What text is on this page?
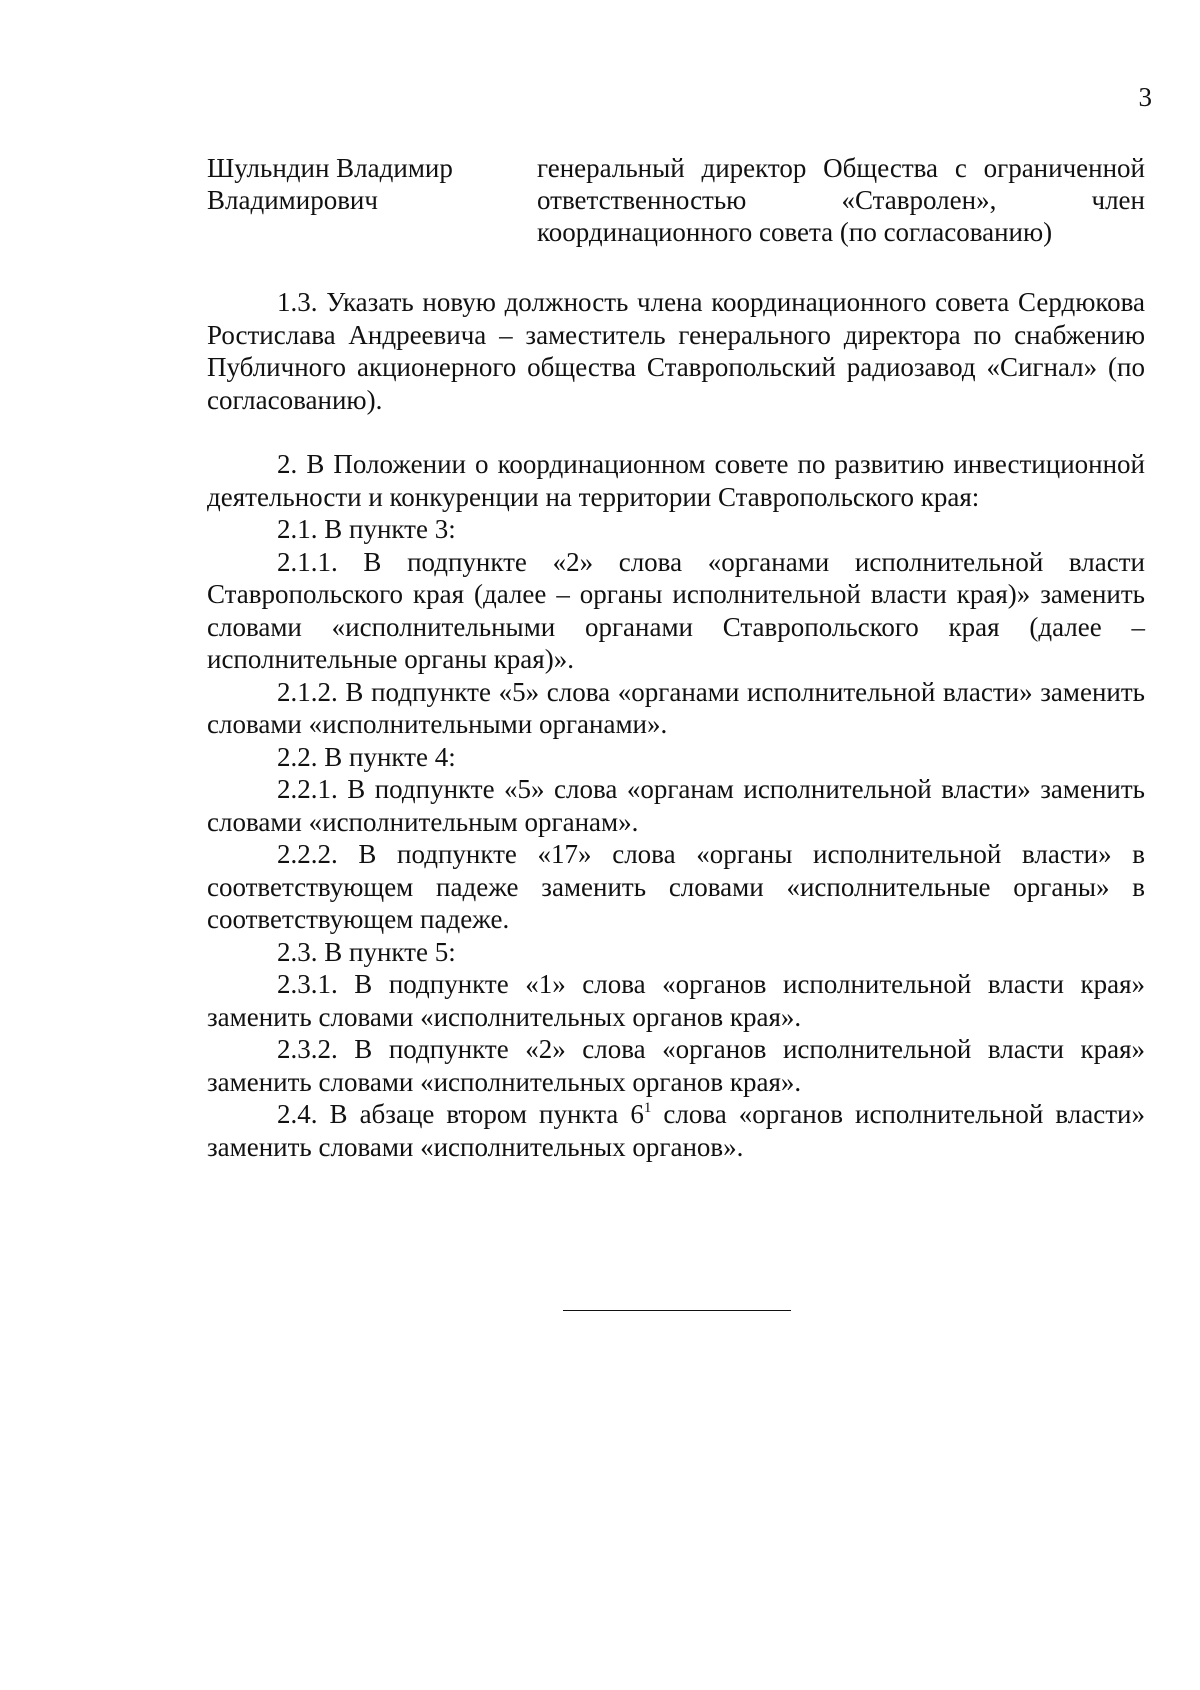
3
Шульндин Владимир
Владимирович
генеральный директор Общества с ограниченной ответственностью «Ставролен», член координационного совета (по согласованию)

1.3. Указать новую должность члена координационного совета Сердюкова Ростислава Андреевича – заместитель генерального директора по снабжению Публичного акционерного общества Ставропольский радиозавод «Сигнал» (по согласованию).

2. В Положении о координационном совете по развитию инвестиционной деятельности и конкуренции на территории Ставропольского края:

2.1. В пункте 3:

2.1.1. В подпункте «2» слова «органами исполнительной власти Ставропольского края (далее – органы исполнительной власти края)» заменить словами «исполнительными органами Ставропольского края (далее – исполнительные органы края)».

2.1.2. В подпункте «5» слова «органами исполнительной власти» заменить словами «исполнительными органами».

2.2. В пункте 4:

2.2.1. В подпункте «5» слова «органам исполнительной власти» заменить словами «исполнительным органам».

2.2.2. В подпункте «17» слова «органы исполнительной власти» в соответствующем падеже заменить словами «исполнительные органы» в соответствующем падеже.

2.3. В пункте 5:

2.3.1. В подпункте «1» слова «органов исполнительной власти края» заменить словами «исполнительных органов края».

2.3.2. В подпункте «2» слова «органов исполнительной власти края» заменить словами «исполнительных органов края».

2.4. В абзаце втором пункта $6^1$ слова «органов исполнительной власти» заменить словами «исполнительных органов».
